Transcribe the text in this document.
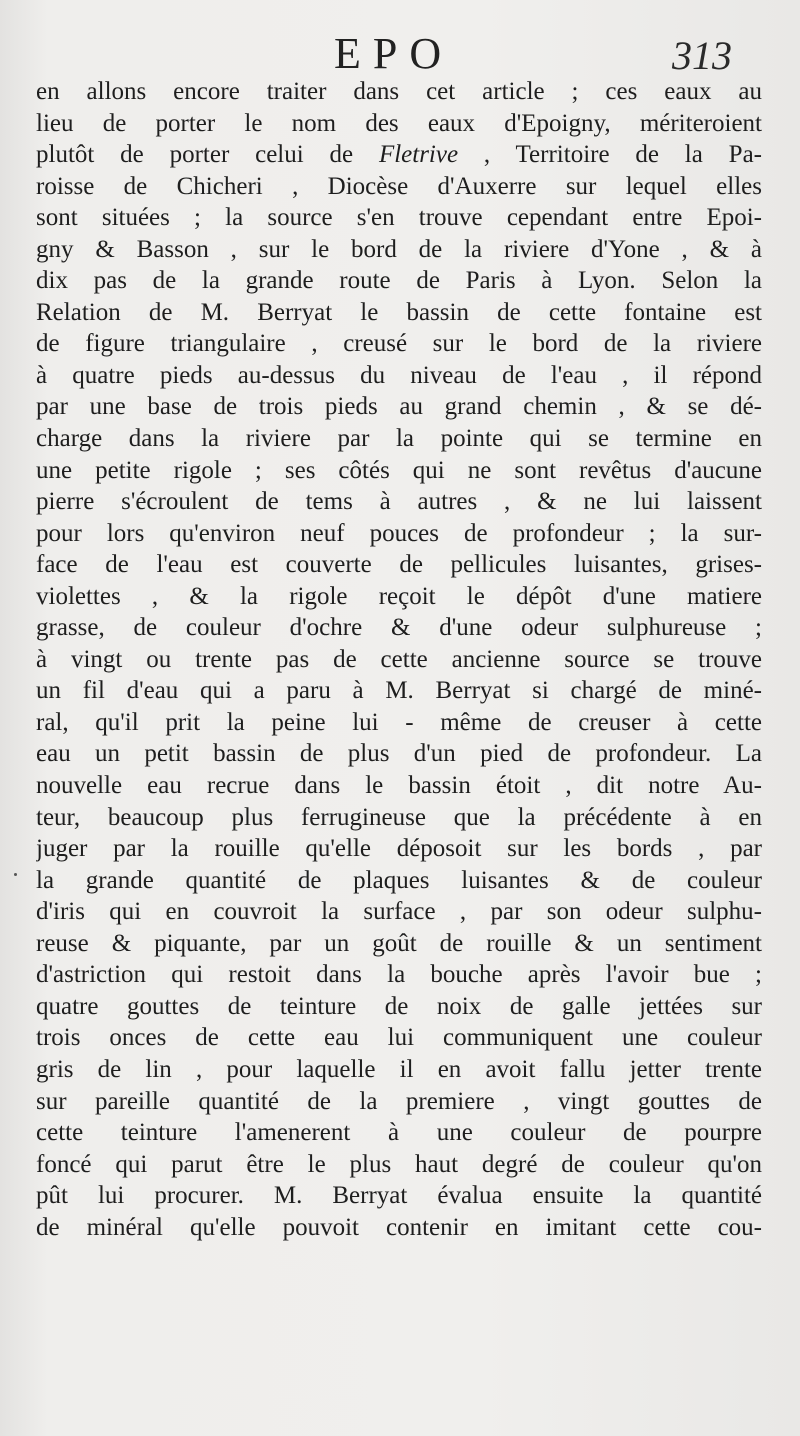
EPO	313
en allons encore traiter dans cet article ; ces eaux au
lieu de porter le nom des eaux d'Epoigny, mériteroient
plutôt de porter celui de Fletrive , Territoire de la Pa-
roisse de Chicheri , Diocèse d'Auxerre sur lequel elles
sont situées ; la source s'en trouve cependant entre Epoi-
gny & Basson , sur le bord de la riviere d'Yone , & à
dix pas de la grande route de Paris à Lyon. Selon la
Relation de M. Berryat le bassin de cette fontaine est
de figure triangulaire , creusé sur le bord de la riviere
à quatre pieds au-dessus du niveau de l'eau , il répond
par une base de trois pieds au grand chemin , & se dé-
charge dans la riviere par la pointe qui se termine en
une petite rigole ; ses côtés qui ne sont revêtus d'aucune
pierre s'écroulent de tems à autres , & ne lui laissent
pour lors qu'environ neuf pouces de profondeur ; la sur-
face de l'eau est couverte de pellicules luisantes, grises-
violettes , & la rigole reçoit le dépôt d'une matiere
grasse, de couleur d'ochre & d'une odeur sulphureuse ;
à vingt ou trente pas de cette ancienne source se trouve
un fil d'eau qui a paru à M. Berryat si chargé de miné-
ral, qu'il prit la peine lui - même de creuser à cette
eau un petit bassin de plus d'un pied de profondeur. La
nouvelle eau recrue dans le bassin étoit , dit notre Au-
teur, beaucoup plus ferrugineuse que la précédente à en
juger par la rouille qu'elle déposoit sur les bords , par
la grande quantité de plaques luisantes & de couleur
d'iris qui en couvroit la surface , par son odeur sulphu-
reuse & piquante, par un goût de rouille & un sentiment
d'astriction qui restoit dans la bouche après l'avoir bue ;
quatre gouttes de teinture de noix de galle jettées sur
trois onces de cette eau lui communiquent une couleur
gris de lin , pour laquelle il en avoit fallu jetter trente
sur pareille quantité de la premiere , vingt gouttes de
cette teinture l'amenerent à une couleur de pourpre
foncé qui parut être le plus haut degré de couleur qu'on
pût lui procurer. M. Berryat évalua ensuite la quantité
de minéral qu'elle pouvoit contenir en imitant cette cou-
